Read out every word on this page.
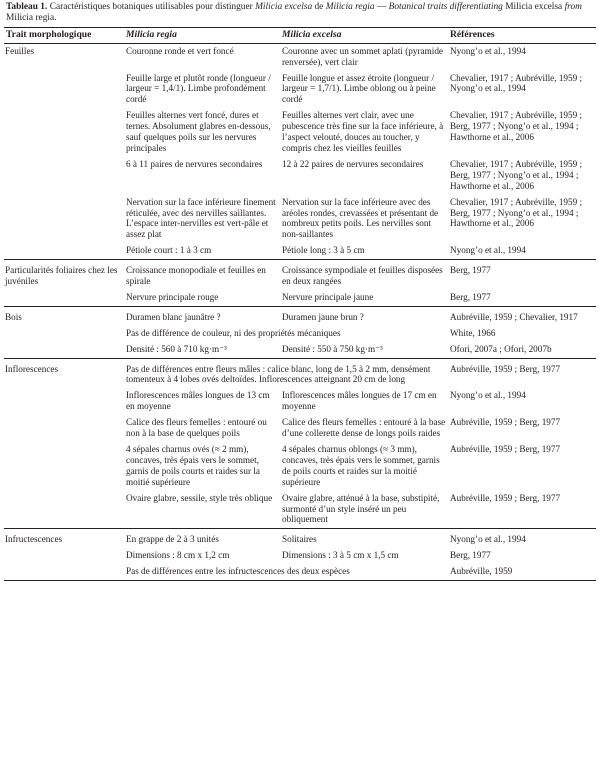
Tableau 1. Caractéristiques botaniques utilisables pour distinguer Milicia excelsa de Milicia regia — Botanical traits differentiating Milicia excelsa from Milicia regia.

Trait morphologique	Milicia regia	Milicia excelsa	Références
Feuilles	Couronne ronde et vert foncé	Couronne avec un sommet aplati (pyramide renversée), vert clair	Nyong’o et al., 1994
	Feuille large et plutôt ronde (longueur / largeur = 1,4/1). Limbe profondément cordé	Feuille longue et assez étroite (longueur / largeur = 1,7/1). Limbe oblong ou à peine cordé	Chevalier, 1917 ; Aubréville, 1959 ; Nyong’o et al., 1994
	Feuilles alternes vert foncé, dures et ternes. Absolument glabres en-dessous, sauf quelques poils sur les nervures principales	Feuilles alternes vert clair, avec une pubescence très fine sur la face inférieure, à l’aspect velouté, douces au toucher, y compris chez les vieilles feuilles	Chevalier, 1917 ; Aubréville, 1959 ; Berg, 1977 ; Nyong’o et al., 1994 ; Hawthorne et al., 2006
	6 à 11 paires de nervures secondaires	12 à 22 paires de nervures secondaires	Chevalier, 1917 ; Aubréville, 1959 ; Berg, 1977 ; Nyong’o et al., 1994 ; Hawthorne et al., 2006
	Nervation sur la face inférieure finement réticulée, avec des nervilles saillantes. L’espace inter-nervilles est vert-pâle et assez plat	Nervation sur la face inférieure avec des aréoles rondes, crevassées et présentant de nombreux petits poils. Les nervilles sont non-saillantes	Chevalier, 1917 ; Aubréville, 1959 ; Berg, 1977 ; Nyong’o et al., 1994 ; Hawthorne et al., 2006
	Pétiole court : 1 à 3 cm	Pétiole long : 3 à 5 cm	Nyong’o et al., 1994
Particularités foliaires chez les juvéniles	Croissance monopodiale et feuilles en spirale	Croissance sympodiale et feuilles disposées en deux rangées	Berg, 1977
	Nervure principale rouge	Nervure principale jaune	Berg, 1977
Bois	Duramen blanc jaunâtre ?	Duramen jaune brun ?	Aubréville, 1959 ; Chevalier, 1917
	Pas de différence de couleur, ni des propriétés mécaniques		White, 1966
	Densité : 560 à 710 kg·m⁻³	Densité : 550 à 750 kg·m⁻³	Ofori, 2007a ; Ofori, 2007b
Inflorescences	Pas de différences entre fleurs mâles : calice blanc, long de 1,5 à 2 mm, densément tomenteux à 4 lobes ovés deltoïdes. Inflorescences atteignant 20 cm de long		Aubréville, 1959 ; Berg, 1977
	Inflorescences mâles longues de 13 cm en moyenne	Inflorescences mâles longues de 17 cm en moyenne	Nyong’o et al., 1994
	Calice des fleurs femelles : entouré ou non à la base de quelques poils	Calice des fleurs femelles : entouré à la base d’une collerette dense de longs poils raides	Aubréville, 1959 ; Berg, 1977
	4 sépales charnus ovés (≈ 2 mm), concaves, très épais vers le sommet, garnis de poils courts et raides sur la moitié supérieure	4 sépales charnus oblongs (≈ 3 mm), concaves, très épais vers le sommet, garnis de poils courts et raides sur la moitié supérieure	Aubréville, 1959 ; Berg, 1977
	Ovaire glabre, sessile, style très oblique	Ovaire glabre, atténué à la base, substipité, surmonté d’un style inséré un peu obliquement	Aubréville, 1959 ; Berg, 1977
Infructescences	En grappe de 2 à 3 unités	Solitaires	Nyong’o et al., 1994
	Dimensions : 8 cm x 1,2 cm	Dimensions : 3 à 5 cm x 1,5 cm	Berg, 1977
	Pas de différences entre les infructescences des deux espèces		Aubréville, 1959
